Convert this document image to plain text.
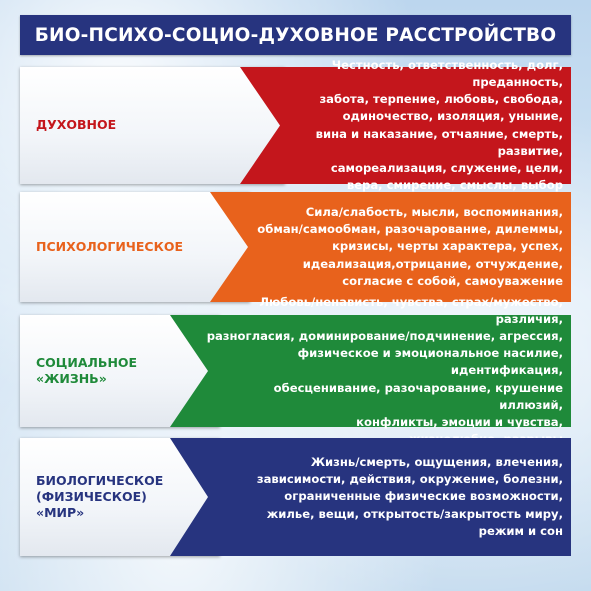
БИО-ПСИХО-СОЦИО-ДУХОВНОЕ РАССТРОЙСТВО
ДУХОВНОЕ
Честность, ответственность, долг, преданность,
забота, терпение, любовь, свобода,
одиночество, изоляция, уныние,
вина и наказание, отчаяние, смерть, развитие,
самореализация, служение, цели,
вера, смирение, смыслы, выбор
ПСИХОЛОГИЧЕСКОЕ
Сила/слабость, мысли, воспоминания,
обман/самообман, разочарование, дилеммы,
кризисы, черты характера, успех,
идеализация,отрицание, отчуждение,
согласие с собой, самоуважение
СОЦИАЛЬНОЕ
«ЖИЗНЬ»
различия,
разногласия, доминирование/подчинение, агрессия,
физическое и эмоциональное насилие, идентификация,
обесценивание, разочарование, крушение иллюзий,
конфликты, эмоции и чувства,

БИОЛОГИЧЕСКОЕ
(ФИЗИЧЕСКОЕ)
«МИР»
Жизнь/смерть, ощущения, влечения,
зависимости, действия, окружение, болезни,
ограниченные физические возможности,
жилье, вещи, открытость/закрытость миру,
режим и сон
